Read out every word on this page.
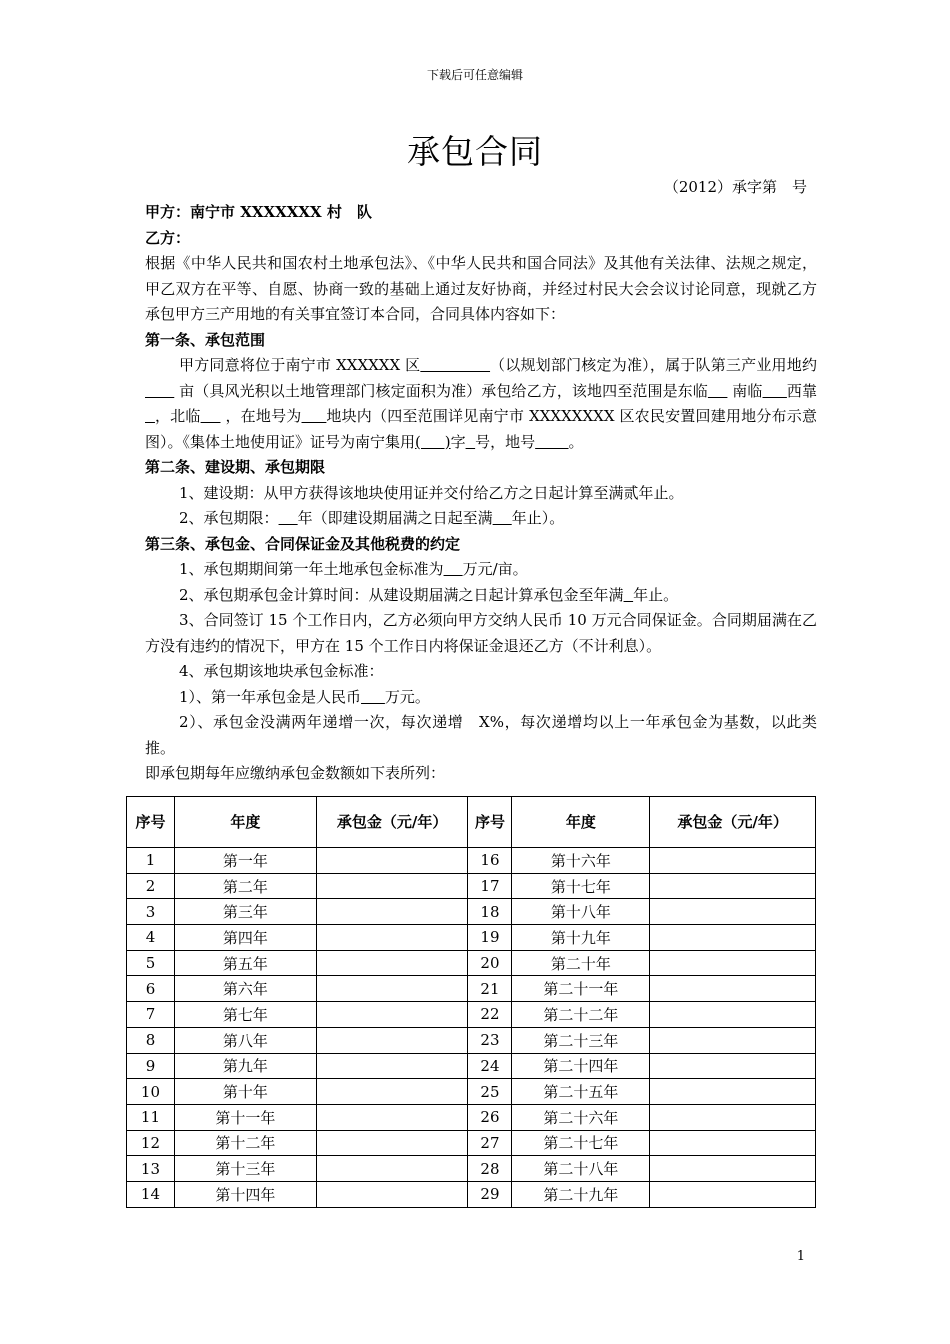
下载后可任意编辑
承包合同
（2012）承字第　号

甲方：南宁市 XXXXXXX 村　队

乙方：

根据《中华人民共和国农村土地承包法》、《中华人民共和国合同法》及其他有关法律、法规之规定，甲乙双方在平等、自愿、协商一致的基础上通过友好协商，并经过村民大会会议讨论同意，现就乙方承包甲方三产用地的有关事宜签订本合同，合同具体内容如下：

第一条、承包范围

甲方同意将位于南宁市 XXXXXX 区	（以规划部门核定为准），属于队第三产业用地约       亩（具风光积以土地管理部门核定面积为准）承包给乙方，该地四至范围是东临     南临 西靠  ，北临     ，在地号为 地块内（四至范围详见南宁市 XXXXXXXX 区农民安置回建用地分布示意图）。《集体土地使用证》证号为南宁集用(     )字 号，地号 。

第二条、建设期、承包期限

1、建设期：从甲方获得该地块使用证并交付给乙方之日起计算至满贰年止。

2、承包期限： 年（即建设期届满之日起至满 年止）。

第三条、承包金、合同保证金及其他税费的约定

1、承包期期间第一年土地承包金标准为 万元/亩。

2、承包期承包金计算时间：从建设期届满之日起计算承包金至年满 年止。

3、合同签订 15 个工作日内，乙方必须向甲方交纳人民币 10 万元合同保证金。合同期届满在乙方没有违约的情况下，甲方在 15 个工作日内将保证金退还乙方（不计利息）。

4、承包期该地块承包金标准：

1）、第一年承包金是人民币 万元。

2）、承包金没满两年递增一次，每次递增　X%，每次递增均以上一年承包金为基数，以此类推。

即承包期每年应缴纳承包金数额如下表所列：

序号	年度	承包金（元/年）	序号	年度	承包金（元/年）
1	第一年		16	第十六年	
2	第二年		17	第十七年	
3	第三年		18	第十八年	
4	第四年		19	第十九年	
5	第五年		20	第二十年	
6	第六年		21	第二十一年	
7	第七年		22	第二十二年	
8	第八年		23	第二十三年	
9	第九年		24	第二十四年	
10	第十年		25	第二十五年	
11	第十一年		26	第二十六年	
12	第十二年		27	第二十七年	
13	第十三年		28	第二十八年	
14	第十四年		29	第二十九年	
1
